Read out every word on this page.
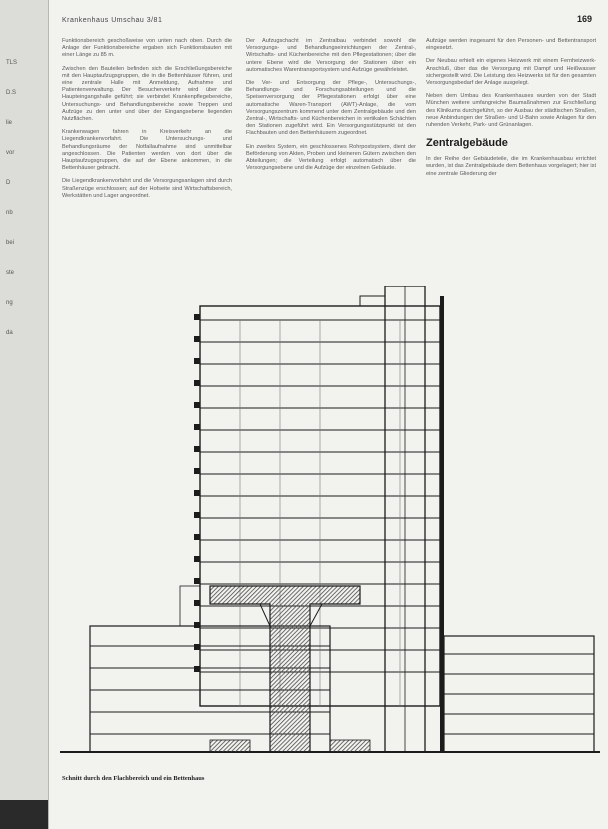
TLS
D.S
lie
vor
D
nb
bei
ste
ng
da
Krankenhaus Umschau 3/81	169

Funktionsbereich geschoßweise von unten nach oben. Durch die Anlage der Funktionsbereiche ergaben sich Funktionsbauten mit einer Länge zu 85 m.

Zwischen den Bauteilen befinden sich die Erschließungsbereiche mit den Hauptaufzugsgruppen, die in die Bettenhäuser führen, und eine zentrale Halle mit Anmeldung, Aufnahme und Patientenverwaltung. Der Besucherverkehr wird über die Haupteingangshalle geführt; sie verbindet Krankenpflegebereiche, Untersuchungs- und Behandlungsbereiche sowie Treppen und Aufzüge zu den unter und über der Eingangsebene liegenden Nutzflächen.

Krankenwagen fahren in Kreisverkehr an die Liegendkrankenvorfahrt. Die Untersuchungs- und Behandlungsräume der Notfallaufnahme sind unmittelbar angeschlossen. Die Patienten werden von dort über die Hauptaufzugsgruppen, die auf der Ebene ankommen, in die Bettenhäuser gebracht.

Die Liegendkrankenvorfahrt und die Versorgungsanlagen sind durch Straßenzüge erschlossen; auf der Hofseite sind Wirtschaftsbereich, Werkstätten und Lager angeordnet.

Der Aufzugschacht im Zentralbau verbindet sowohl die Versorgungs- und Behandlungseinrichtungen der Zentral-, Wirtschafts- und Küchenbereiche mit den Pflegestationen; über die untere Ebene wird die Versorgung der Stationen über ein automatisches Warentransportsystem und Aufzüge gewährleistet.

Die Ver- und Entsorgung der Pflege-, Untersuchungs-, Behandlungs- und Forschungsabteilungen und die Speisenversorgung der Pflegestationen erfolgt über eine automatische Waren-Transport (AWT)-Anlage, die vom Versorgungszentrum kommend unter dem Zentralgebäude und den Zentral-, Wirtschafts- und Küchenbereichen in vertikalen Schächten den Stationen zugeführt wird. Ein Versorgungsstützpunkt ist den Flachbauten und den Bettenhäusern zugeordnet.

Ein zweites System, ein geschlossenes Rohrpostsystem, dient der Beförderung von Akten, Proben und kleineren Gütern zwischen den Abteilungen; die Verteilung erfolgt automatisch über die Versorgungsebene und die Aufzüge der einzelnen Gebäude.

Aufzüge werden insgesamt für den Personen- und Bettentransport eingesetzt.

Der Neubau erhielt ein eigenes Heizwerk mit einem Fernheizwerk-Anschluß, über das die Versorgung mit Dampf und Heißwasser sichergestellt wird. Die Leistung des Heizwerks ist für den gesamten Versorgungsbedarf der Anlage ausgelegt.

Neben dem Umbau des Krankenhauses wurden von der Stadt München weitere umfangreiche Baumaßnahmen zur Erschließung des Klinikums durchgeführt, so der Ausbau der städtischen Straßen, neue Anbindungen der Straßen- und U-Bahn sowie Anlagen für den ruhenden Verkehr, Park- und Grünanlagen.

Zentralgebäude

In der Reihe der Gebäudeteile, die im Krankenhausbau errichtet wurden, ist das Zentralgebäude dem Bettenhaus vorgelagert; hier ist eine zentrale Gliederung der

Schnitt durch den Flachbereich und ein Bettenhaus
